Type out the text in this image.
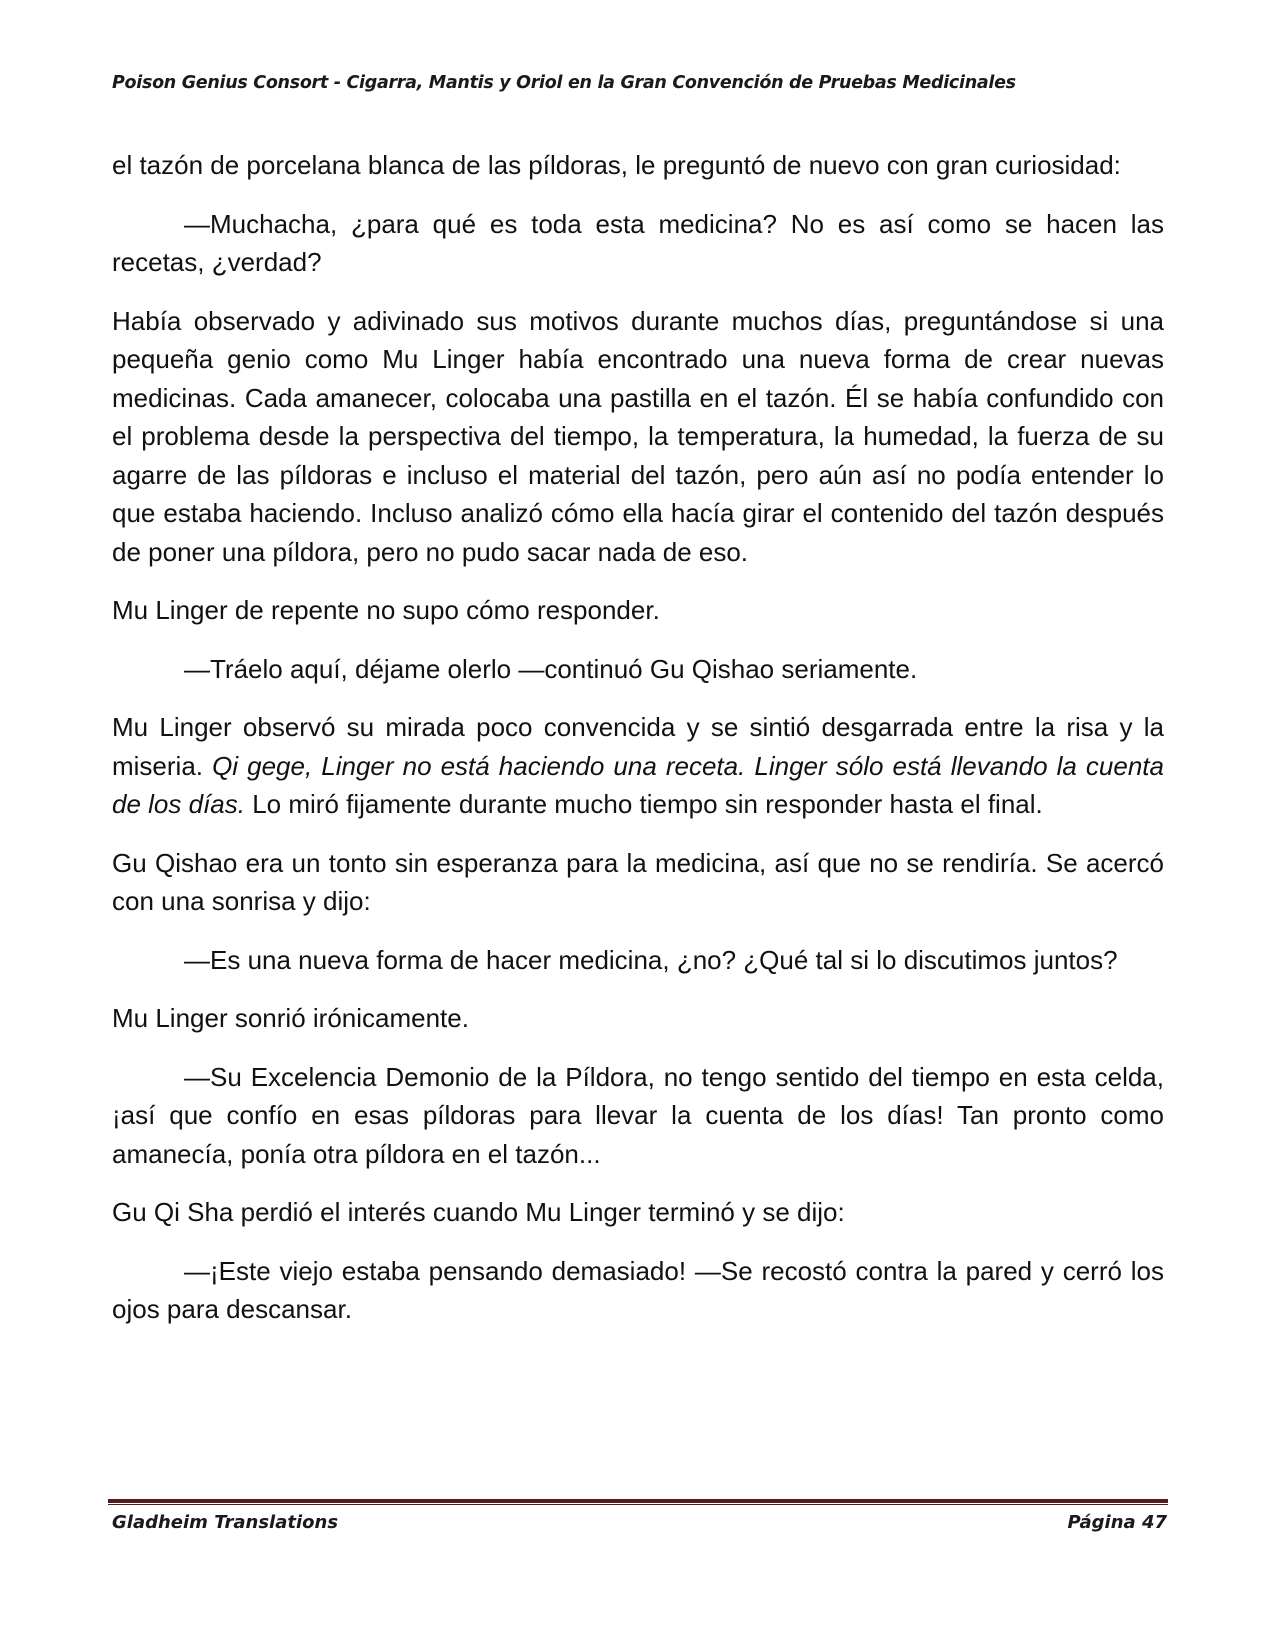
Poison Genius Consort - Cigarra, Mantis y Oriol en la Gran Convención de Pruebas Medicinales

el tazón de porcelana blanca de las píldoras, le preguntó de nuevo con gran curiosidad:

—Muchacha, ¿para qué es toda esta medicina? No es así como se hacen las recetas, ¿verdad?

Había observado y adivinado sus motivos durante muchos días, preguntándose si una pequeña genio como Mu Linger había encontrado una nueva forma de crear nuevas medicinas. Cada amanecer, colocaba una pastilla en el tazón. Él se había confundido con el problema desde la perspectiva del tiempo, la temperatura, la humedad, la fuerza de su agarre de las píldoras e incluso el material del tazón, pero aún así no podía entender lo que estaba haciendo. Incluso analizó cómo ella hacía girar el contenido del tazón después de poner una píldora, pero no pudo sacar nada de eso.

Mu Linger de repente no supo cómo responder.

—Tráelo aquí, déjame olerlo —continuó Gu Qishao seriamente.

Mu Linger observó su mirada poco convencida y se sintió desgarrada entre la risa y la miseria. Qi gege, Linger no está haciendo una receta. Linger sólo está llevando la cuenta de los días. Lo miró fijamente durante mucho tiempo sin responder hasta el final.

Gu Qishao era un tonto sin esperanza para la medicina, así que no se rendiría. Se acercó con una sonrisa y dijo:

—Es una nueva forma de hacer medicina, ¿no? ¿Qué tal si lo discutimos juntos?

Mu Linger sonrió irónicamente.

—Su Excelencia Demonio de la Píldora, no tengo sentido del tiempo en esta celda, ¡así que confío en esas píldoras para llevar la cuenta de los días! Tan pronto como amanecía, ponía otra píldora en el tazón...

Gu Qi Sha perdió el interés cuando Mu Linger terminó y se dijo:

—¡Este viejo estaba pensando demasiado! —Se recostó contra la pared y cerró los ojos para descansar.

Gladheim Translations	Página 47
